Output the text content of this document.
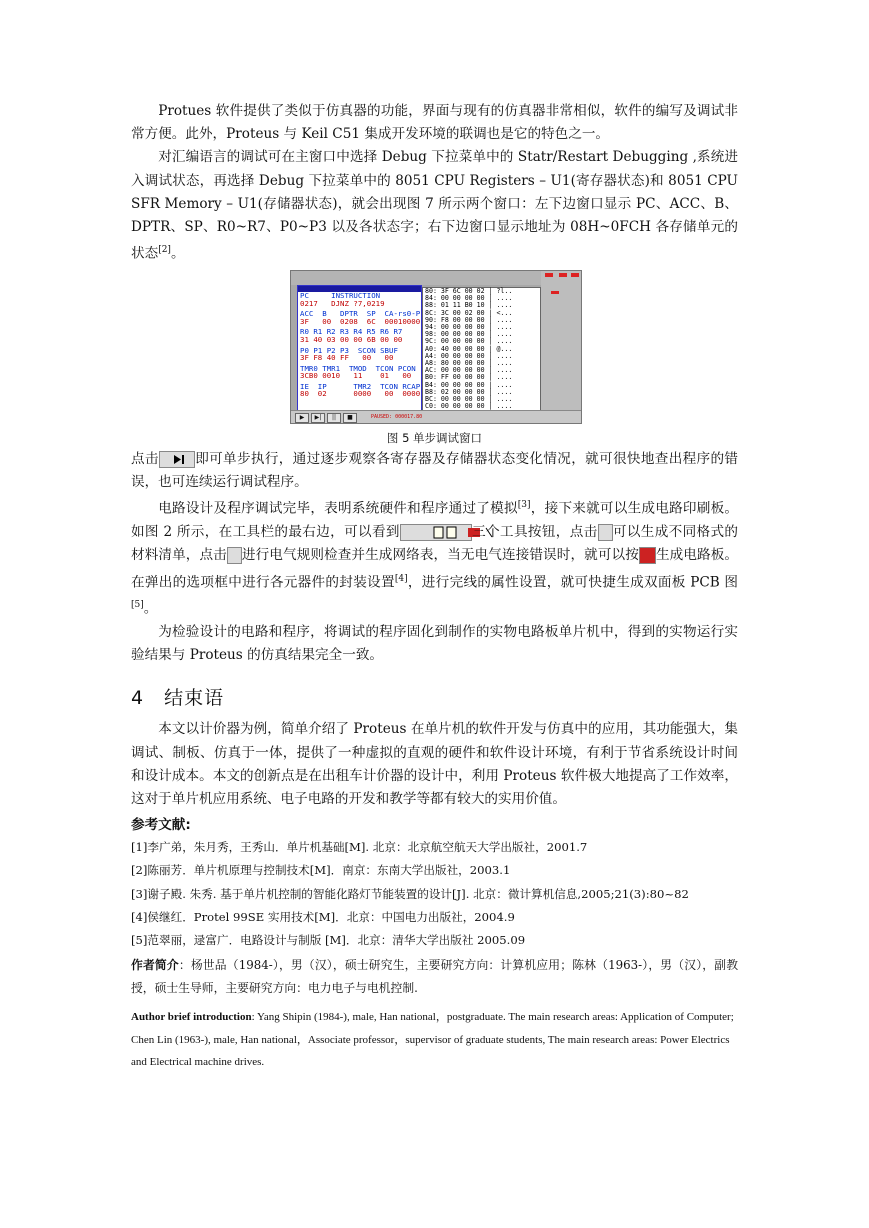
Protues 软件提供了类似于仿真器的功能，界面与现有的仿真器非常相似，软件的编写及调试非常方便。此外，Proteus 与 Keil C51 集成开发环境的联调也是它的特色之一。

对汇编语言的调试可在主窗口中选择 Debug 下拉菜单中的 Statr/Restart Debugging ,系统进入调试状态，再选择 Debug 下拉菜单中的 8051 CPU Registers – U1(寄存器状态)和 8051 CPU SFR Memory – U1(存储器状态)，就会出现图 7 所示两个窗口：左下边窗口显示 PC、ACC、B、DPTR、SP、R0~R7、P0~P3 以及各状态字；右下边窗口显示地址为 08H~0FCH 各存储单元的状态[2]。

PC     INSTRUCTION
0217   DJNZ ?7,0219
ACC  B   DPTR  SP  CA-rs0-P
3F   00  0208  6C  00010000
R0 R1 R2 R3 R4 R5 R6 R7
31 40 03 00 00 6B 00 00
P0 P1 P2 P3  SCON SBUF
3F F8 40 FF   00   00
TMR0 TMR1  TMOD  TCON PCON
3CB0 0010   11    01   00
IE  IP      TMR2  TCON RCAP
80  02      0000   00  0000
80: 3F 6C 00 02 | ?l..
84: 00 00 00 00 | ....
88: 01 11 B0 10 | ....
8C: 3C 00 02 00 | <...
90: F8 00 00 00 | ....
94: 00 00 00 00 | ....
98: 00 00 00 00 | ....
9C: 00 00 00 00 | ....
A0: 40 00 00 00 | @...
A4: 00 00 00 00 | ....
A8: 80 00 00 00 | ....
AC: 00 00 00 00 | ....
B0: FF 00 00 00 | ....
B4: 00 00 00 00 | ....
B8: 02 00 00 00 | ....
BC: 00 00 00 00 | ....
C0: 00 00 00 00 | ....
▶	▶|	||	■	PAUSED: 000017.80
图 5 单步调试窗口

点击	即可单步执行，通过逐步观察各寄存器及存储器状态变化情况，就可很快地查出程序的错误，也可连续运行调试程序。

电路设计及程序调试完毕，表明系统硬件和程序通过了模拟[3]，接下来就可以生成电路印刷板。如图 2 所示，在工具栏的最右边，可以看到	三个工具按钮，点击 可以生成不同格式的材料清单，点击 进行电气规则检查并生成网络表，当无电气连接错误时，就可以按 生成电路板。在弹出的选项框中进行各元器件的封装设置[4]，进行完线的属性设置，就可快捷生成双面板 PCB 图[5]。

为检验设计的电路和程序，将调试的程序固化到制作的实物电路板单片机中，得到的实物运行实验结果与 Proteus 的仿真结果完全一致。

4 结束语

本文以计价器为例，简单介绍了 Proteus 在单片机的软件开发与仿真中的应用，其功能强大，集调试、制板、仿真于一体，提供了一种虚拟的直观的硬件和软件设计环境，有利于节省系统设计时间和设计成本。本文的创新点是在出租车计价器的设计中，利用 Proteus 软件极大地提高了工作效率，这对于单片机应用系统、电子电路的开发和教学等都有较大的实用价值。

参考文献:

[1]李广弟，朱月秀，王秀山．单片机基础[M]. 北京：北京航空航天大学出版社，2001.7

[2]陈丽芳．单片机原理与控制技术[M]．南京：东南大学出版社，2003.1

[3]谢子殿. 朱秀. 基于单片机控制的智能化路灯节能装置的设计[J]. 北京：微计算机信息,2005;21(3):80~82

[4]侯继红．Protel 99SE 实用技术[M]．北京：中国电力出版社，2004.9

[5]范翠丽，逯富广．电路设计与制版 [M]．北京：清华大学出版社 2005.09

作者简介：杨世品（1984-），男（汉），硕士研究生，主要研究方向：计算机应用；陈林（1963-），男（汉），副教授，硕士生导师，主要研究方向：电力电子与电机控制.

Author brief introduction: Yang Shipin (1984-), male, Han national，postgraduate. The main research areas: Application of Computer; Chen Lin (1963-), male, Han national，Associate professor，supervisor of graduate students, The main research areas: Power Electrics and Electrical machine drives.
